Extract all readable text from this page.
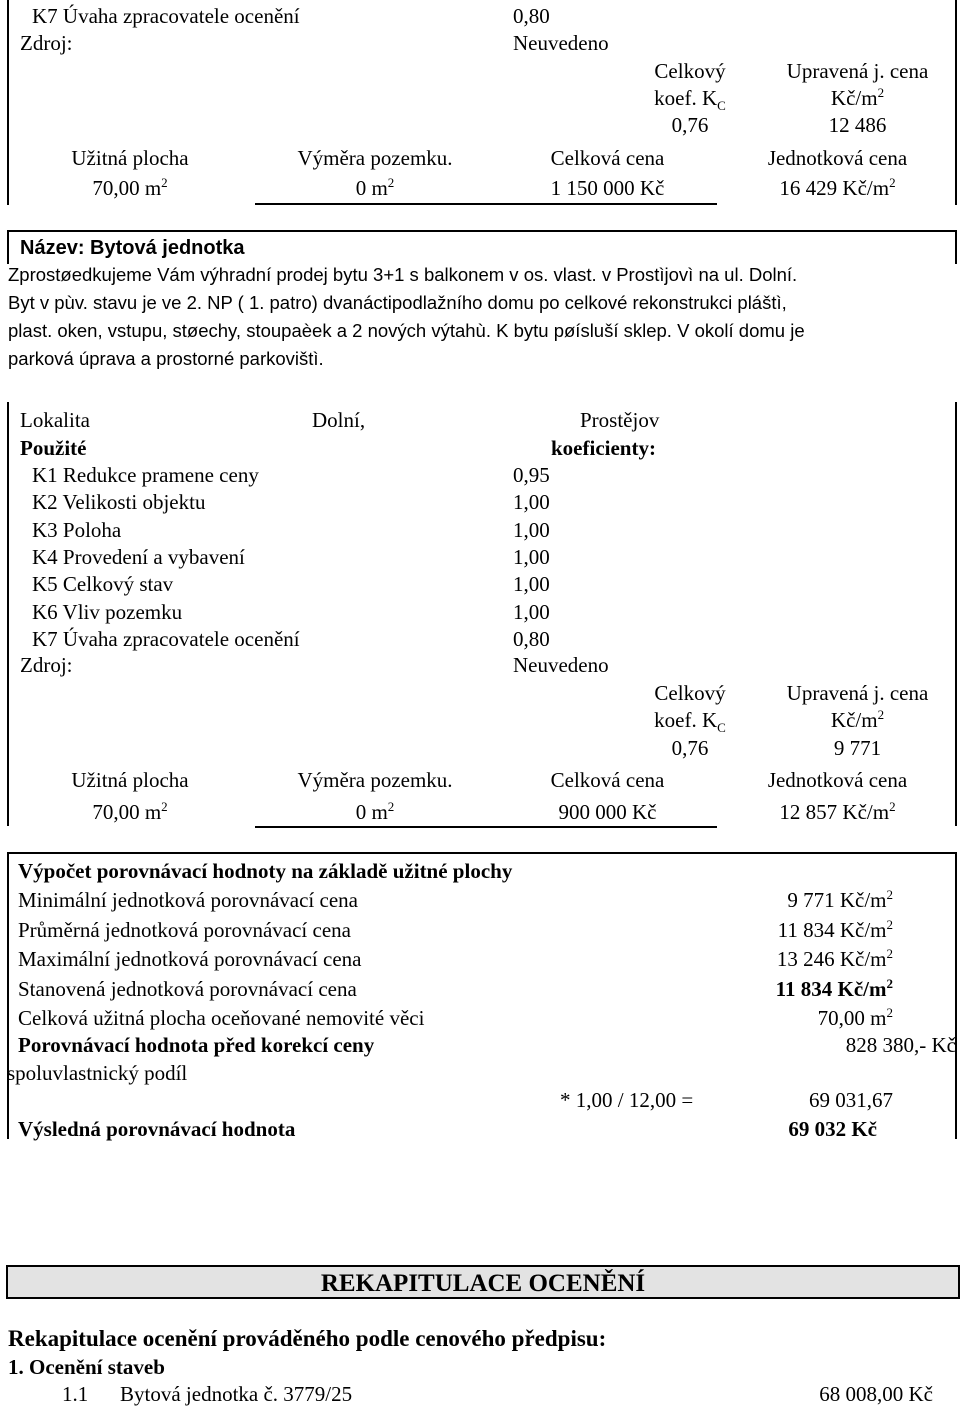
K7 Úvaha zpracovatele ocenění	0,80
Zdroj:	Neuvedeno
Celkový
koef. $K_C$
Upravená j. cena
$Kč/m^2$
0,76	12 486
Užitná plocha	Výměra pozemku.	Celková cena	Jednotková cena
70,00 $m^2$	0 $m^2$	1 150 000 Kč	16 429 $Kč/m^2$
Název: Bytová jednotka
Zprostøedkujeme Vám výhradní prodej bytu 3+1 s balkonem v os. vlast. v Prostìjovì na ul. Dolní.
Byt v pùv. stavu je ve 2. NP ( 1. patro) dvanáctipodlažního domu po celkové rekonstrukci pláštì,
plast. oken, vstupu, støechy, stoupaèek a 2 nových výtahù. K bytu pøísluší sklep. V okolí domu je
parková úprava a prostorné parkovištì.
Lokalita	Dolní,	Prostějov
Použité	koeficienty:
K1 Redukce pramene ceny	0,95
K2 Velikosti objektu	1,00
K3 Poloha	1,00
K4 Provedení a vybavení	1,00
K5 Celkový stav	1,00
K6 Vliv pozemku	1,00
K7 Úvaha zpracovatele ocenění	0,80
Zdroj:	Neuvedeno
Celkový
koef. $K_C$
Upravená j. cena
$Kč/m^2$
0,76	9 771
Užitná plocha	Výměra pozemku.	Celková cena	Jednotková cena
70,00 $m^2$	0 $m^2$	900 000 Kč	12 857 $Kč/m^2$
Výpočet porovnávací hodnoty na základě užitné plochy
Minimální jednotková porovnávací cena	9 771 $Kč/m^2$
Průměrná jednotková porovnávací cena	11 834 $Kč/m^2$
Maximální jednotková porovnávací cena	13 246 $Kč/m^2$
Stanovená jednotková porovnávací cena	11 834 $Kč/m^2$
Celková užitná plocha oceňované nemovité věci	70,00 $m^2$
Porovnávací hodnota před korekcí ceny	828 380,- Kč
spoluvlastnický podíl
* 1,00 / 12,00 =	69 031,67
Výsledná porovnávací hodnota	69 032 Kč
REKAPITULACE OCENĚNÍ
Rekapitulace ocenění prováděného podle cenového předpisu:
1. Ocenění staveb
1.1 Bytová jednotka č. 3779/25	68 008,00 Kč
